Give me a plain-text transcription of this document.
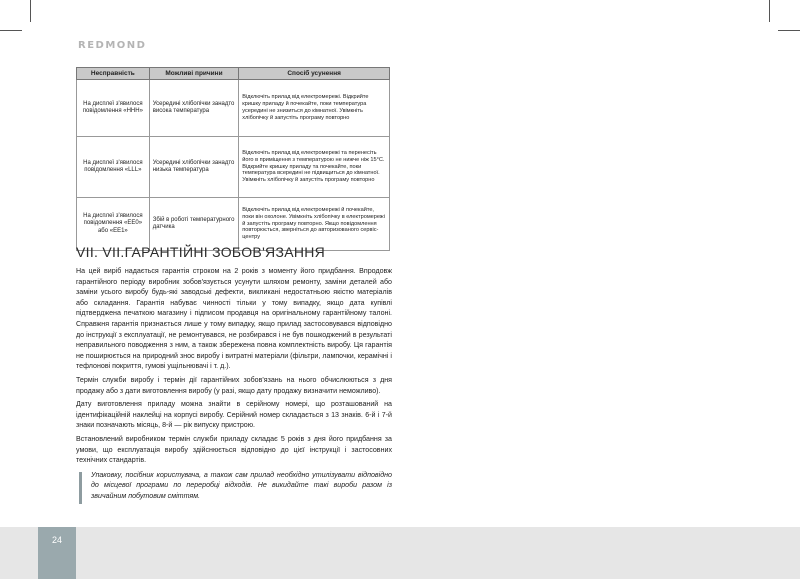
REDMOND
Несправність	Можливі причини	Спосіб усунення
На дисплеї з'явилося повідомлення «ННН»	Усередині хлібопічки занадто висока температура	Відключіть прилад від електромережі. Відкрийте кришку приладу й почекайте, поки температура усередині не знизиться до кімнатної. Увімкніть хлібопічку й запустіть програму повторно
На дисплеї з'явилося повідомлення «LLL»	Усередині хлібопічки занадто низька температура	Відключіть прилад від електромережі та перенесіть його в приміщення з температурою не нижче ніж 15°С. Відкрийте кришку приладу та почекайте, поки температура всередині не підвищиться до кімнатної. Увімкніть хлібопічку й запустіть програму повторно
На дисплеї з'явилося повідомлення «ЕЕ0» або «ЕЕ1»	Збій в роботі температурного датчика	Відключіть прилад від електромережі й почекайте, поки він охолоне. Увімкніть хлібопічку в електромережі й запустіть програму повторно. Якщо повідомлення повторюється, зверніться до авторизованого сервіс-центру
VII. VII.ГАРАНТІЙНІ ЗОБОВ'ЯЗАННЯ

На цей виріб надається гарантія строком на 2 років з моменту його придбання. Впродовж гарантійного періоду виробник зобов'язується усунути шляхом ремонту, заміни деталей або заміни усього виробу будь-які заводські дефекти, викликані недостатньою якістю матеріалів або складання. Гарантія набуває чинності тільки у тому випадку, якщо дата купівлі підтверджена печаткою магазину і підписом продавця на оригінальному гарантійному талоні. Справжня гарантія признається лише у тому випадку, якщо прилад застосовувався відповідно до інструкції з експлуатації, не ремонтувався, не розбирався і не був пошкоджений в результаті неправильного поводження з ним, а також збережена повна комплектність виробу. Ця гарантія не поширюється на природний знос виробу і витратні матеріали (фільтри, лампочки, керамічні і тефлонові покриття, гумові ущільнювачі і т. д.).

Термін служби виробу і термін дії гарантійних зобов'язань на нього обчислюються з дня продажу або з дати виготовлення виробу (у разі, якщо дату продажу визначити неможливо).

Дату виготовлення приладу можна знайти в серійному номері, що розташований на ідентифікаційній наклейці на корпусі виробу. Серійний номер складається з 13 знаків. 6-й і 7-й знаки позначають місяць, 8-й — рік випуску пристрою.

Встановлений виробником термін служби приладу складає 5 років з дня його придбання за умови, що експлуатація виробу здійснюється відповідно до цієї інструкції і застосовних технічних стандартів.

Упаковку, посібник користувача, а також сам прилад необхідно утилізувати відповідно до місцевої програми по переробці відходів. Не викидайте такі вироби разом із звичайним побутовим сміттям.
24
